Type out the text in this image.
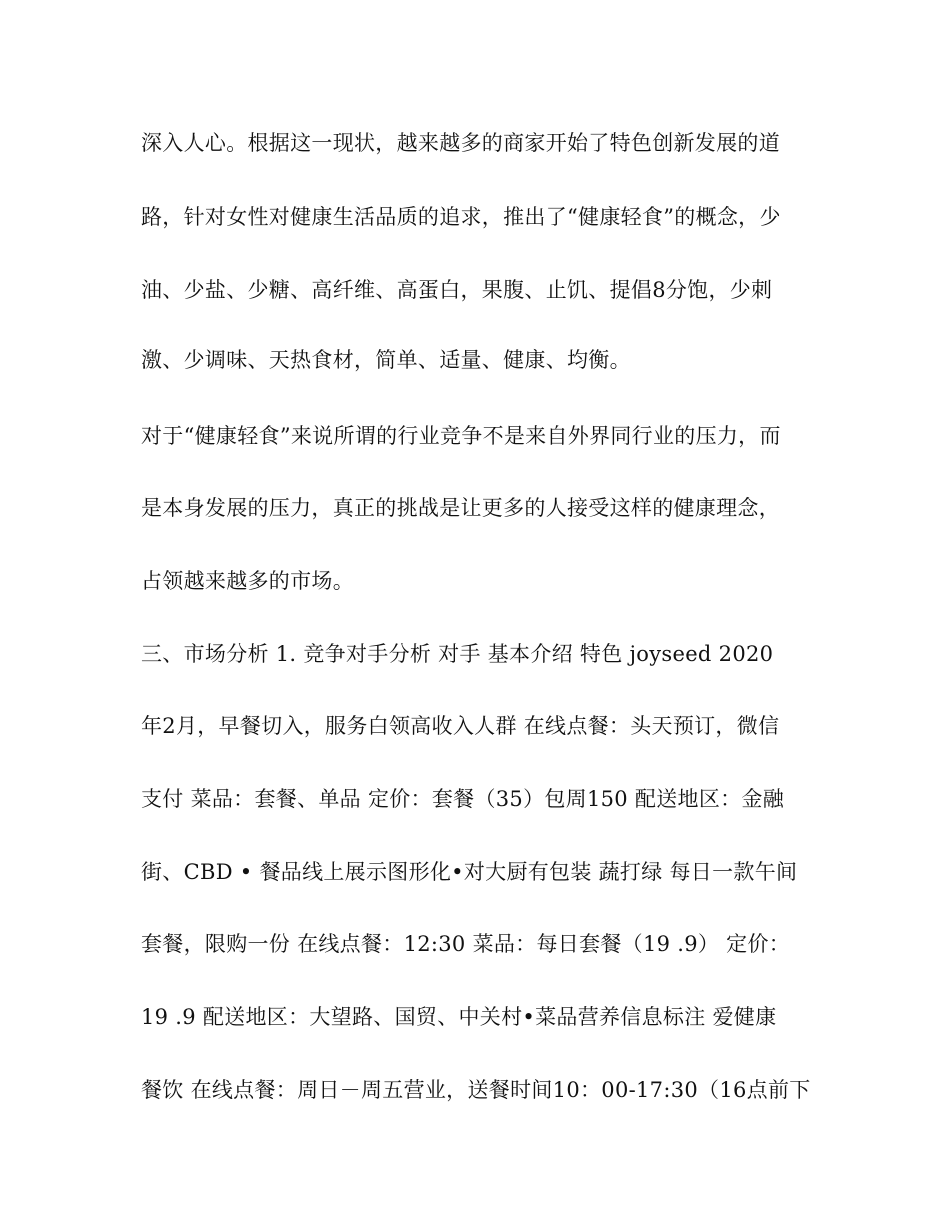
深入人心。根据这一现状，越来越多的商家开始了特色创新发展的道
路，针对女性对健康生活品质的追求，推出了“健康轻食”的概念，少
油、少盐、少糖、高纤维、高蛋白，果腹、止饥、提倡8分饱，少刺
激、少调味、天热食材，简单、适量、健康、均衡。
对于“健康轻食”来说所谓的行业竞争不是来自外界同行业的压力，而
是本身发展的压力，真正的挑战是让更多的人接受这样的健康理念，
占领越来越多的市场。
三、市场分析 1. 竞争对手分析 对手 基本介绍 特色 joyseed 2020
年2月，早餐切入，服务白领高收入人群 在线点餐：头天预订，微信
支付 菜品：套餐、单品 定价：套餐（35）包周150 配送地区：金融
街、CBD • 餐品线上展示图形化•对大厨有包装 蔬打绿 每日一款午间
套餐，限购一份 在线点餐：12:30 菜品：每日套餐（19 .9） 定价：
19 .9 配送地区：大望路、国贸、中关村•菜品营养信息标注 爱健康
餐饮 在线点餐：周日－周五营业，送餐时间10：00-17:30（16点前下
